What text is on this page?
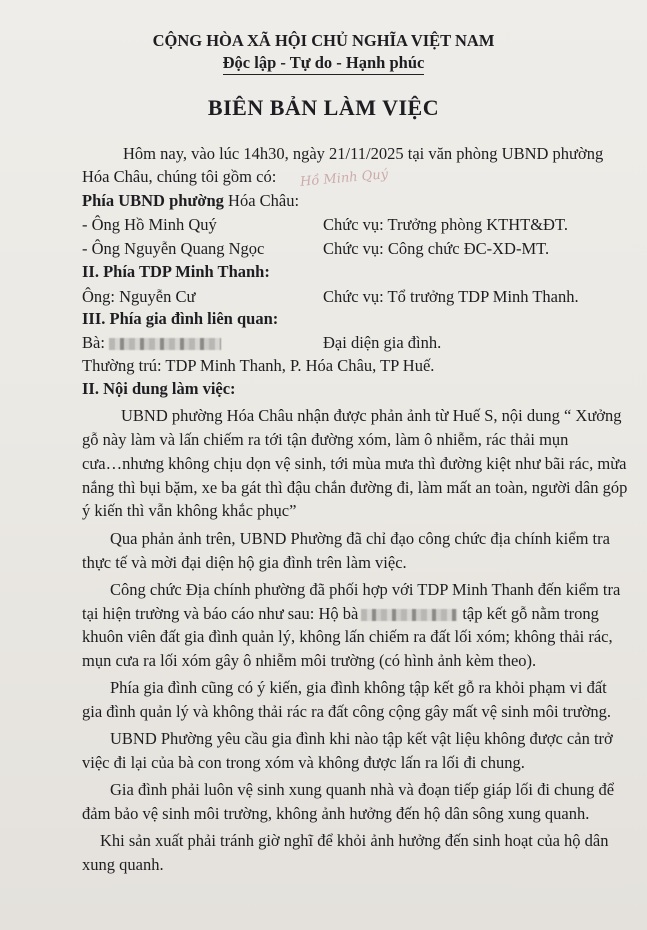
CỘNG HÒA XÃ HỘI CHỦ NGHĨA VIỆT NAM
Độc lập - Tự do - Hạnh phúc
BIÊN BẢN LÀM VIỆC
Hôm nay, vào lúc 14h30, ngày 21/11/2025 tại văn phòng UBND phường
Hóa Châu, chúng tôi gồm có: Hồ Minh Quý
Phía UBND phường Hóa Châu:
- Ông Hồ Minh Quý	Chức vụ: Trưởng phòng KTHT&ĐT.
- Ông Nguyễn Quang Ngọc	Chức vụ: Công chức ĐC-XD-MT.
II. Phía TDP Minh Thanh:
Ông: Nguyễn Cư	Chức vụ: Tổ trưởng TDP Minh Thanh.
III. Phía gia đình liên quan:
Bà:	Đại diện gia đình.
Thường trú: TDP Minh Thanh, P. Hóa Châu, TP Huế.
II. Nội dung làm việc:
UBND phường Hóa Châu nhận được phản ảnh từ Huế S, nội dung “ Xưởng
gỗ này làm và lấn chiếm ra tới tận đường xóm, làm ô nhiễm, rác thải mụn
cưa…nhưng không chịu dọn vệ sinh, tới mùa mưa thì đường kiệt như bãi rác, mừa
nắng thì bụi bặm, xe ba gát thì đậu chắn đường đi, làm mất an toàn, người dân góp
ý kiến thì vẫn không khắc phục”
Qua phản ảnh trên, UBND Phường đã chỉ đạo công chức địa chính kiểm tra
thực tế và mời đại diện hộ gia đình trên làm việc.
Công chức Địa chính phường đã phối hợp với TDP Minh Thanh đến kiểm tra
tại hiện trường và báo cáo như sau: Hộ bà	tập kết gỗ nằm trong
khuôn viên đất gia đình quản lý, không lấn chiếm ra đất lối xóm; không thải rác,
mụn cưa ra lối xóm gây ô nhiễm môi trường (có hình ảnh kèm theo).
Phía gia đình cũng có ý kiến, gia đình không tập kết gỗ ra khỏi phạm vi đất
gia đình quản lý và không thải rác ra đất công cộng gây mất vệ sinh môi trường.
UBND Phường yêu cầu gia đình khi nào tập kết vật liệu không được cản trở
việc đi lại của bà con trong xóm và không được lấn ra lối đi chung.
Gia đình phải luôn vệ sinh xung quanh nhà và đoạn tiếp giáp lối đi chung để
đảm bảo vệ sinh môi trường, không ảnh hưởng đến hộ dân sông xung quanh.
Khi sản xuất phải tránh giờ nghĩ để khỏi ảnh hưởng đến sinh hoạt của hộ dân
xung quanh.
